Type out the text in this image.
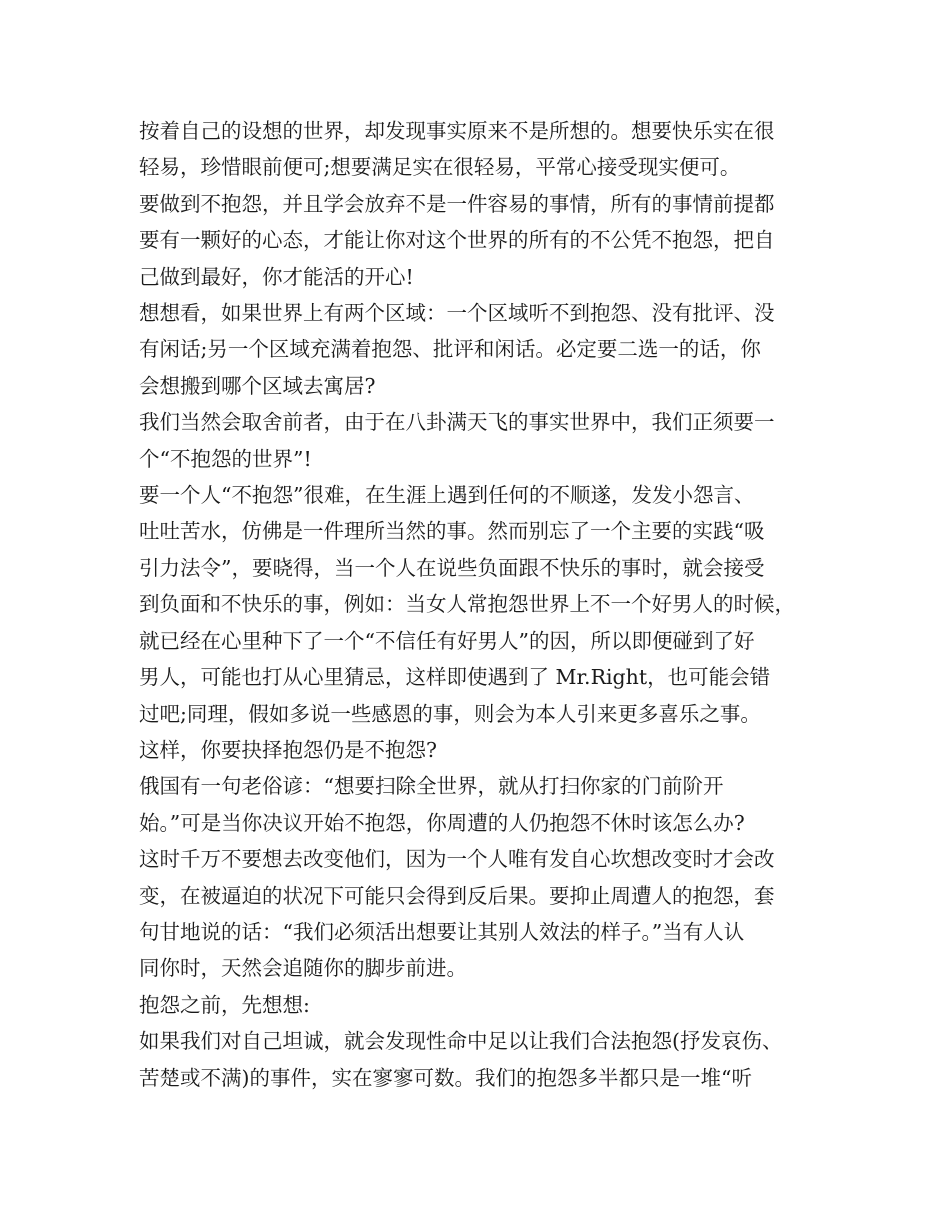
按着自己的设想的世界，却发现事实原来不是所想的。想要快乐实在很
轻易，珍惜眼前便可;想要满足实在很轻易，平常心接受现实便可。

要做到不抱怨，并且学会放弃不是一件容易的事情，所有的事情前提都
要有一颗好的心态，才能让你对这个世界的所有的不公凭不抱怨，把自
己做到最好，你才能活的开心!

想想看，如果世界上有两个区域：一个区域听不到抱怨、没有批评、没
有闲话;另一个区域充满着抱怨、批评和闲话。必定要二选一的话，你
会想搬到哪个区域去寓居?

我们当然会取舍前者，由于在八卦满天飞的事实世界中，我们正须要一
个“不抱怨的世界”!

要一个人“不抱怨”很难，在生涯上遇到任何的不顺遂，发发小怨言、
吐吐苦水，仿佛是一件理所当然的事。然而别忘了一个主要的实践“吸
引力法令”，要晓得，当一个人在说些负面跟不快乐的事时，就会接受
到负面和不快乐的事，例如：当女人常抱怨世界上不一个好男人的时候，
就已经在心里种下了一个“不信任有好男人”的因，所以即便碰到了好
男人，可能也打从心里猜忌，这样即使遇到了 Mr.Right，也可能会错
过吧;同理，假如多说一些感恩的事，则会为本人引来更多喜乐之事。

这样，你要抉择抱怨仍是不抱怨?

俄国有一句老俗谚：“想要扫除全世界，就从打扫你家的门前阶开
始。”可是当你决议开始不抱怨，你周遭的人仍抱怨不休时该怎么办?
这时千万不要想去改变他们，因为一个人唯有发自心坎想改变时才会改
变，在被逼迫的状况下可能只会得到反后果。要抑止周遭人的抱怨，套
句甘地说的话：“我们必须活出想要让其别人效法的样子。”当有人认
同你时，天然会追随你的脚步前进。

抱怨之前，先想想:

如果我们对自己坦诚，就会发现性命中足以让我们合法抱怨(抒发哀伤、
苦楚或不满)的事件，实在寥寥可数。我们的抱怨多半都只是一堆“听
